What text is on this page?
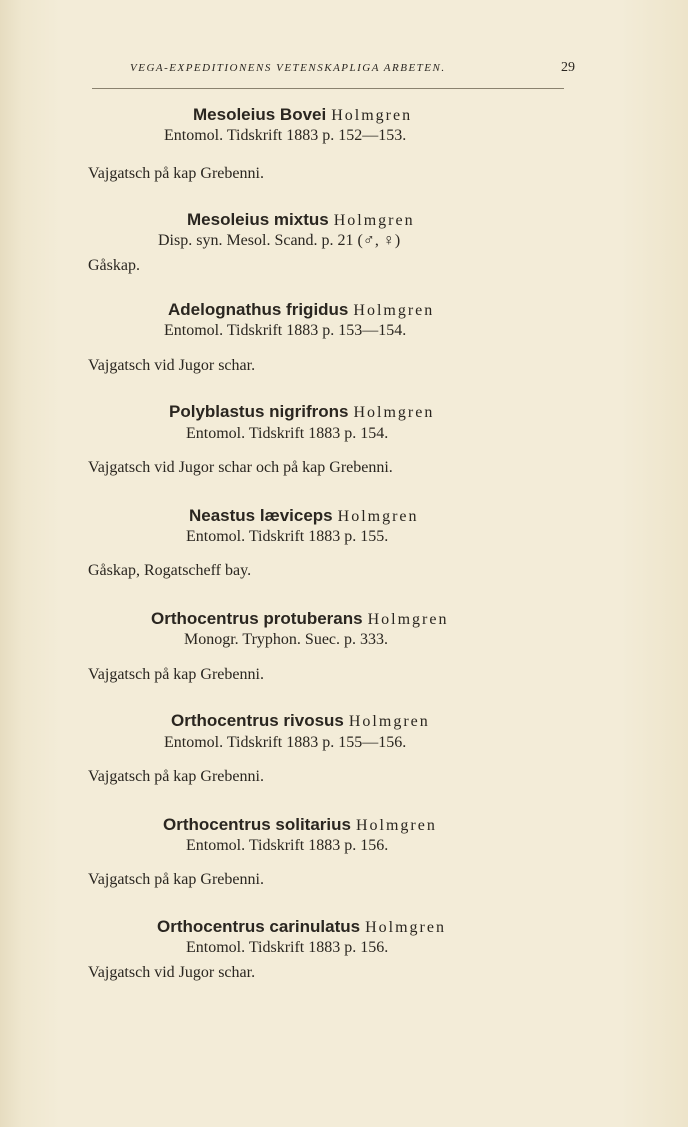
VEGA-EXPEDITIONENS VETENSKAPLIGA ARBETEN.	29
Mesoleius Bovei Holmgren
Entomol. Tidskrift 1883 p. 152—153.
Vajgatsch på kap Grebenni.
Mesoleius mixtus Holmgren
Disp. syn. Mesol. Scand. p. 21 (♂, ♀)
Gåskap.
Adelognathus frigidus Holmgren
Entomol. Tidskrift 1883 p. 153—154.
Vajgatsch vid Jugor schar.
Polyblastus nigrifrons Holmgren
Entomol. Tidskrift 1883 p. 154.
Vajgatsch vid Jugor schar och på kap Grebenni.
Neastus læviceps Holmgren
Entomol. Tidskrift 1883 p. 155.
Gåskap, Rogatscheff bay.
Orthocentrus protuberans Holmgren
Monogr. Tryphon. Suec. p. 333.
Vajgatsch på kap Grebenni.
Orthocentrus rivosus Holmgren
Entomol. Tidskrift 1883 p. 155—156.
Vajgatsch på kap Grebenni.
Orthocentrus solitarius Holmgren
Entomol. Tidskrift 1883 p. 156.
Vajgatsch på kap Grebenni.
Orthocentrus carinulatus Holmgren
Entomol. Tidskrift 1883 p. 156.
Vajgatsch vid Jugor schar.
